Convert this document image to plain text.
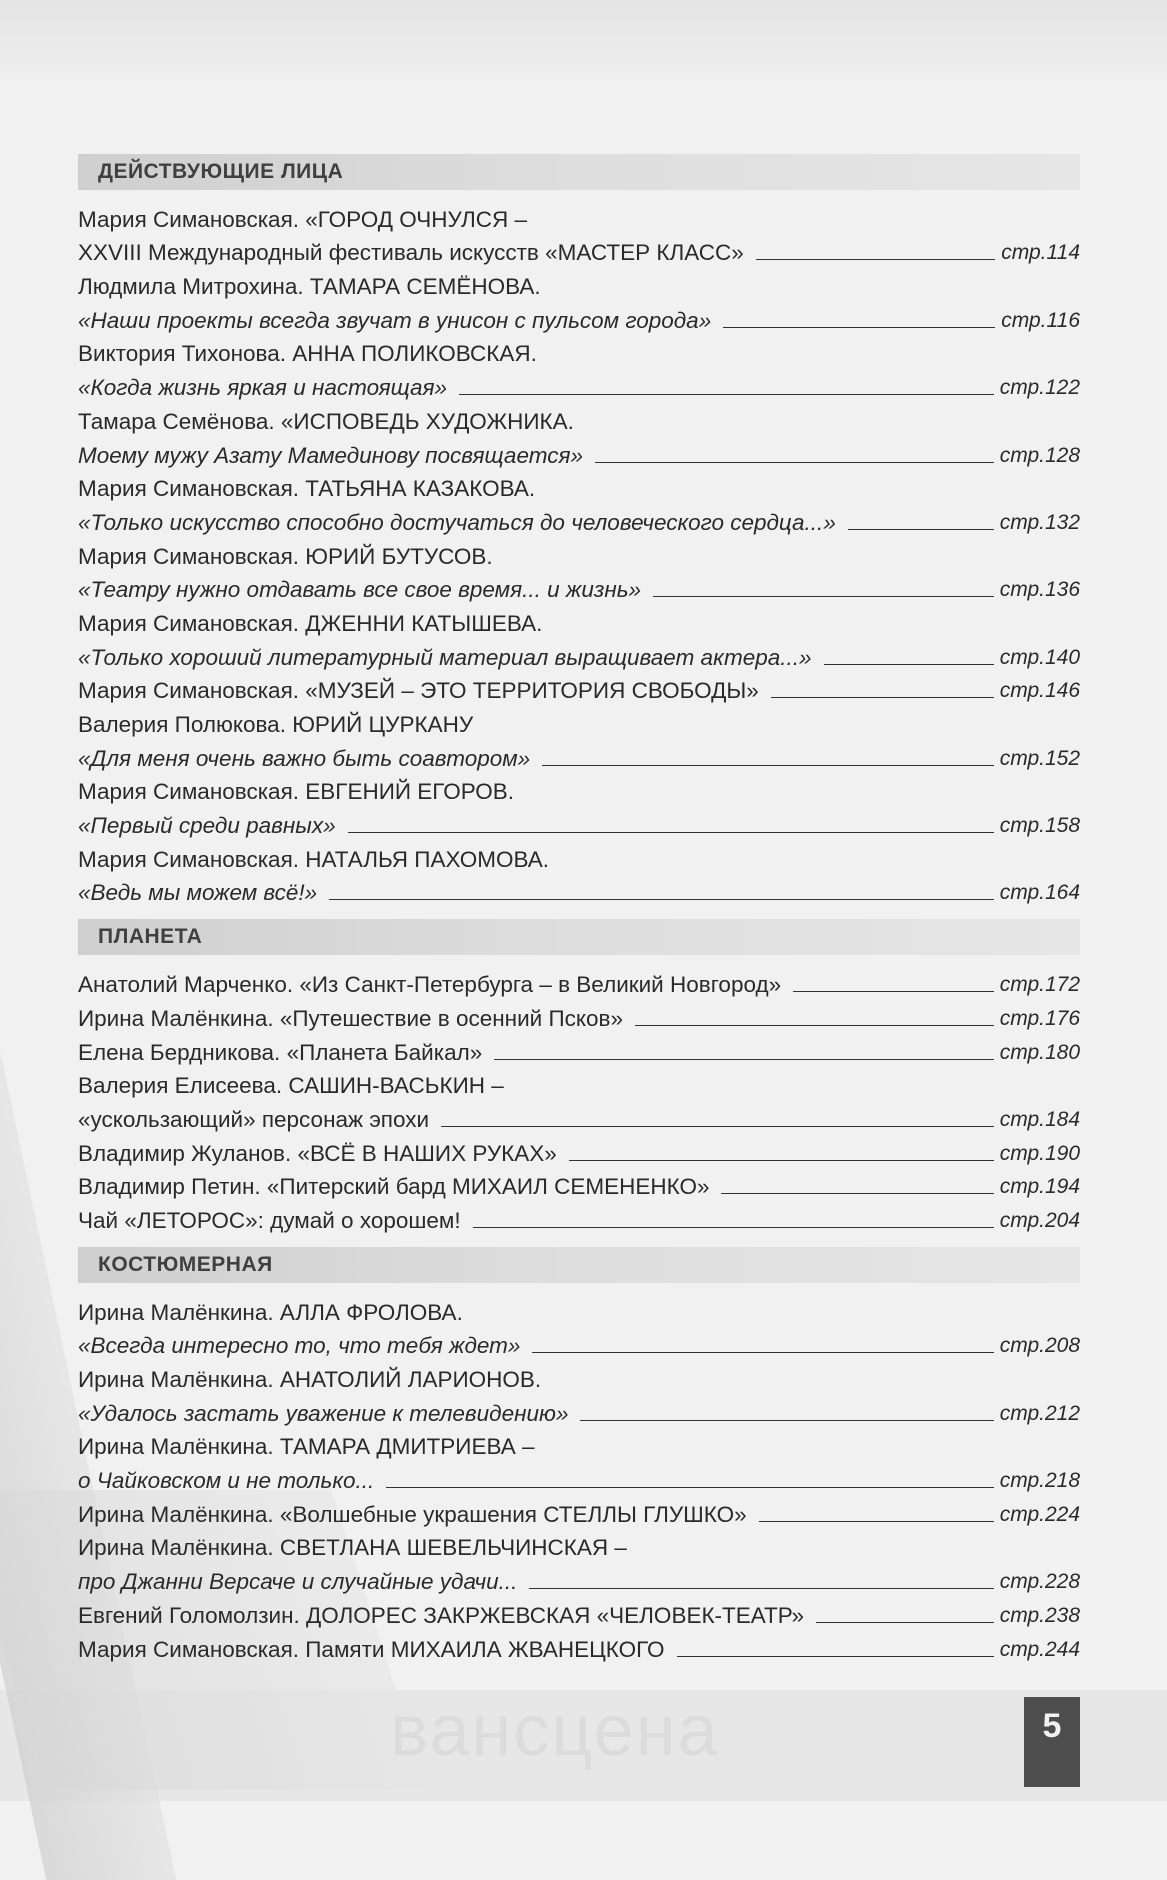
ДЕЙСТВУЮЩИЕ ЛИЦА
Мария Симановская. «ГОРОД ОЧНУЛСЯ –
XXVIII Международный фестиваль искусств «МАСТЕР КЛАСС»	стр.114
Людмила Митрохина. ТАМАРА СЕМЁНОВА.
«Наши проекты всегда звучат в унисон с пульсом города»	стр.116
Виктория Тихонова. АННА ПОЛИКОВСКАЯ.
«Когда жизнь яркая и настоящая»	стр.122
Тамара Семёнова. «ИСПОВЕДЬ ХУДОЖНИКА.
Моему мужу Азату Мамединову посвящается»	стр.128
Мария Симановская. ТАТЬЯНА КАЗАКОВА.
«Только искусство способно достучаться до человеческого сердца...»	стр.132
Мария Симановская. ЮРИЙ БУТУСОВ.
«Театру нужно отдавать все свое время... и жизнь»	стр.136
Мария Симановская. ДЖЕННИ КАТЫШЕВА.
«Только хороший литературный материал выращивает актера...»	стр.140
Мария Симановская. «МУЗЕЙ – ЭТО ТЕРРИТОРИЯ СВОБОДЫ»	стр.146
Валерия Полюкова. ЮРИЙ ЦУРКАНУ
«Для меня очень важно быть соавтором»	стр.152
Мария Симановская. ЕВГЕНИЙ ЕГОРОВ.
«Первый среди равных»	стр.158
Мария Симановская. НАТАЛЬЯ ПАХОМОВА.
«Ведь мы можем всё!»	стр.164
ПЛАНЕТА
Анатолий Марченко. «Из Санкт-Петербурга – в Великий Новгород»	стр.172
Ирина Малёнкина. «Путешествие в осенний Псков»	стр.176
Елена Бердникова. «Планета Байкал»	стр.180
Валерия Елисеева. САШИН-ВАСЬКИН –
«ускользающий» персонаж эпохи	стр.184
Владимир Жуланов. «ВСЁ В НАШИХ РУКАХ»	стр.190
Владимир Петин. «Питерский бард МИХАИЛ СЕМЕНЕНКО»	стр.194
Чай «ЛЕТОРОС»: думай о хорошем!	стр.204
КОСТЮМЕРНАЯ
Ирина Малёнкина. АЛЛА ФРОЛОВА.
«Всегда интересно то, что тебя ждет»	стр.208
Ирина Малёнкина. АНАТОЛИЙ ЛАРИОНОВ.
«Удалось застать уважение к телевидению»	стр.212
Ирина Малёнкина. ТАМАРА ДМИТРИЕВА –
о Чайковском и не только...	стр.218
Ирина Малёнкина. «Волшебные украшения СТЕЛЛЫ ГЛУШКО»	стр.224
Ирина Малёнкина. СВЕТЛАНА ШЕВЕЛЬЧИНСКАЯ –
про Джанни Версаче и случайные удачи...	стр.228
Евгений Голомолзин. ДОЛОРЕС ЗАКРЖЕВСКАЯ «ЧЕЛОВЕК-ТЕАТР»	стр.238
Мария Симановская. Памяти МИХАИЛА ЖВАНЕЦКОГО	стр.244
вансцена	5
